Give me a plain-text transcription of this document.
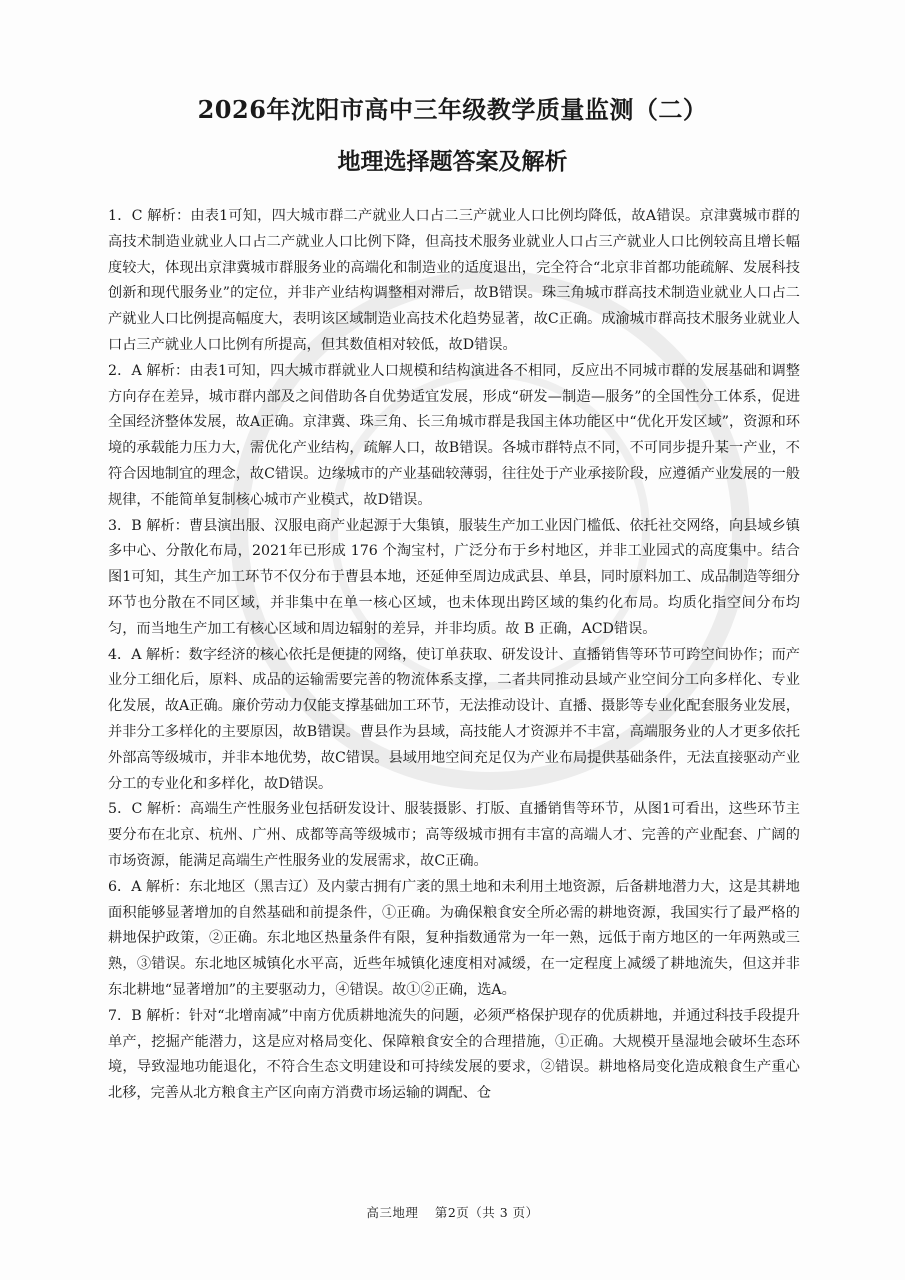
2026年沈阳市高中三年级教学质量监测（二）
地理选择题答案及解析

1．C 解析：由表1可知，四大城市群二产就业人口占二三产就业人口比例均降低，故A错误。京津冀城市群的高技术制造业就业人口占二产就业人口比例下降，但高技术服务业就业人口占三产就业人口比例较高且增长幅度较大，体现出京津冀城市群服务业的高端化和制造业的适度退出，完全符合“北京非首都功能疏解、发展科技创新和现代服务业”的定位，并非产业结构调整相对滞后，故B错误。珠三角城市群高技术制造业就业人口占二产就业人口比例提高幅度大，表明该区域制造业高技术化趋势显著，故C正确。成渝城市群高技术服务业就业人口占三产就业人口比例有所提高，但其数值相对较低，故D错误。

2．A 解析：由表1可知，四大城市群就业人口规模和结构演进各不相同，反应出不同城市群的发展基础和调整方向存在差异，城市群内部及之间借助各自优势适宜发展，形成“研发—制造—服务”的全国性分工体系，促进全国经济整体发展，故A正确。京津冀、珠三角、长三角城市群是我国主体功能区中“优化开发区域”，资源和环境的承载能力压力大，需优化产业结构，疏解人口，故B错误。各城市群特点不同，不可同步提升某一产业，不符合因地制宜的理念，故C错误。边缘城市的产业基础较薄弱，往往处于产业承接阶段，应遵循产业发展的一般规律，不能简单复制核心城市产业模式，故D错误。

3．B 解析：曹县演出服、汉服电商产业起源于大集镇，服装生产加工业因门槛低、依托社交网络，向县域乡镇多中心、分散化布局，2021年已形成 176 个淘宝村，广泛分布于乡村地区，并非工业园式的高度集中。结合图1可知，其生产加工环节不仅分布于曹县本地，还延伸至周边成武县、单县，同时原料加工、成品制造等细分环节也分散在不同区域，并非集中在单一核心区域，也未体现出跨区域的集约化布局。均质化指空间分布均匀，而当地生产加工有核心区域和周边辐射的差异，并非均质。故 B 正确，ACD错误。

4．A 解析：数字经济的核心依托是便捷的网络，使订单获取、研发设计、直播销售等环节可跨空间协作；而产业分工细化后，原料、成品的运输需要完善的物流体系支撑，二者共同推动县域产业空间分工向多样化、专业化发展，故A正确。廉价劳动力仅能支撑基础加工环节，无法推动设计、直播、摄影等专业化配套服务业发展，并非分工多样化的主要原因，故B错误。曹县作为县域，高技能人才资源并不丰富，高端服务业的人才更多依托外部高等级城市，并非本地优势，故C错误。县域用地空间充足仅为产业布局提供基础条件，无法直接驱动产业分工的专业化和多样化，故D错误。

5．C 解析：高端生产性服务业包括研发设计、服装摄影、打版、直播销售等环节，从图1可看出，这些环节主要分布在北京、杭州、广州、成都等高等级城市；高等级城市拥有丰富的高端人才、完善的产业配套、广阔的市场资源，能满足高端生产性服务业的发展需求，故C正确。

6．A 解析：东北地区（黑吉辽）及内蒙古拥有广袤的黑土地和未利用土地资源，后备耕地潜力大，这是其耕地面积能够显著增加的自然基础和前提条件，①正确。为确保粮食安全所必需的耕地资源，我国实行了最严格的耕地保护政策，②正确。东北地区热量条件有限，复种指数通常为一年一熟，远低于南方地区的一年两熟或三熟，③错误。东北地区城镇化水平高，近些年城镇化速度相对减缓，在一定程度上减缓了耕地流失，但这并非东北耕地“显著增加”的主要驱动力，④错误。故①②正确，选A。

7．B 解析：针对“北增南减”中南方优质耕地流失的问题，必须严格保护现存的优质耕地，并通过科技手段提升单产，挖掘产能潜力，这是应对格局变化、保障粮食安全的合理措施，①正确。大规模开垦湿地会破坏生态环境，导致湿地功能退化，不符合生态文明建设和可持续发展的要求，②错误。耕地格局变化造成粮食生产重心北移，完善从北方粮食主产区向南方消费市场运输的调配、仓

高三地理 第2页（共 3 页）
